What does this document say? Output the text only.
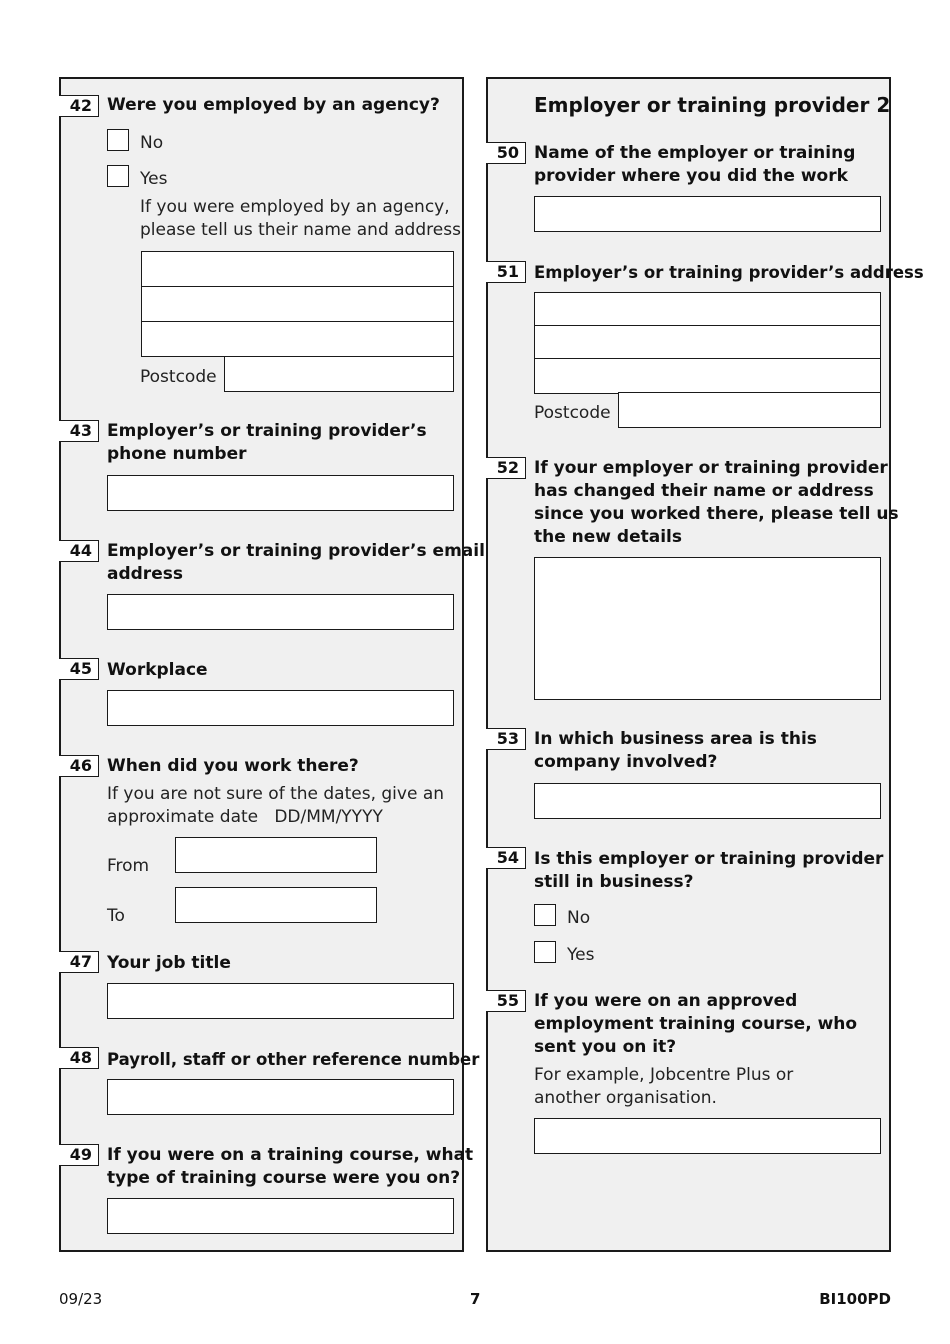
42 Were you employed by an agency?
No
Yes
If you were employed by an agency,
please tell us their name and address
Postcode
43 Employer’s or training provider’s
phone number
44 Employer’s or training provider’s email
address
45 Workplace
46 When did you work there?
If you are not sure of the dates, give an
approximate date   DD/MM/YYYY
From
To
47 Your job title
48 Payroll, staff or other reference number
49 If you were on a training course, what
type of training course were you on?
Employer or training provider 2
50 Name of the employer or training
provider where you did the work
51 Employer’s or training provider’s address
Postcode
52 If your employer or training provider
has changed their name or address
since you worked there, please tell us
the new details
53 In which business area is this
company involved?
54 Is this employer or training provider
still in business?
No
Yes
55 If you were on an approved
employment training course, who
sent you on it?
For example, Jobcentre Plus or
another organisation.
09/23	7	BI100PD
